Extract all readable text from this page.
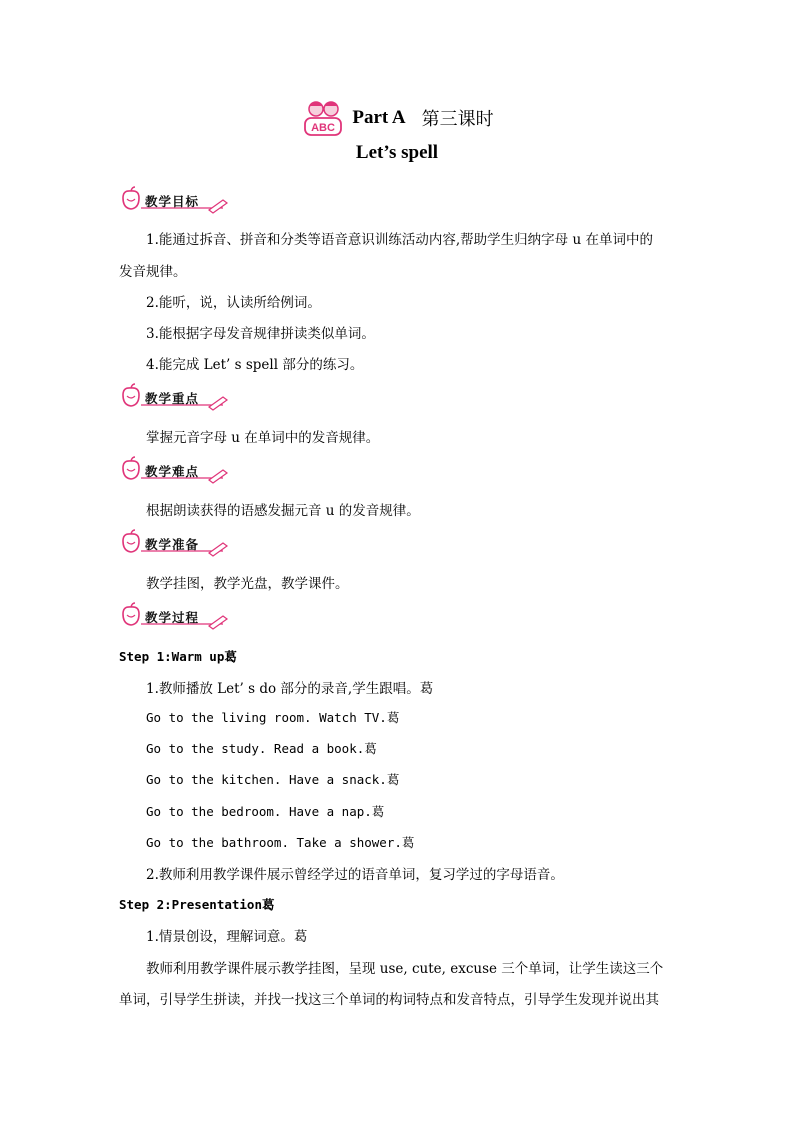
ABC Part A 第三课时
Let’s spell
教学目标
1.能通过拆音、拼音和分类等语音意识训练活动内容,帮助学生归纳字母 u 在单词中的
发音规律。
2.能听，说，认读所给例词。
3.能根据字母发音规律拼读类似单词。
4.能完成 Let’ s spell 部分的练习。
教学重点
掌握元音字母 u 在单词中的发音规律。
教学难点
根据朗读获得的语感发掘元音 u 的发音规律。
教学准备
教学挂图，教学光盘，教学课件。
教学过程
Step 1:Warm up葛
1.教师播放 Let’ s do 部分的录音,学生跟唱。葛
Go to the living room. Watch TV.葛
Go to the study. Read a book.葛
Go to the kitchen. Have a snack.葛
Go to the bedroom. Have a nap.葛
Go to the bathroom. Take a shower.葛
2.教师利用教学课件展示曾经学过的语音单词，复习学过的字母语音。
Step 2:Presentation葛
1.情景创设，理解词意。葛
教师利用教学课件展示教学挂图，呈现 use, cute, excuse 三个单词，让学生读这三个
单词，引导学生拼读，并找一找这三个单词的构词特点和发音特点，引导学生发现并说出其
